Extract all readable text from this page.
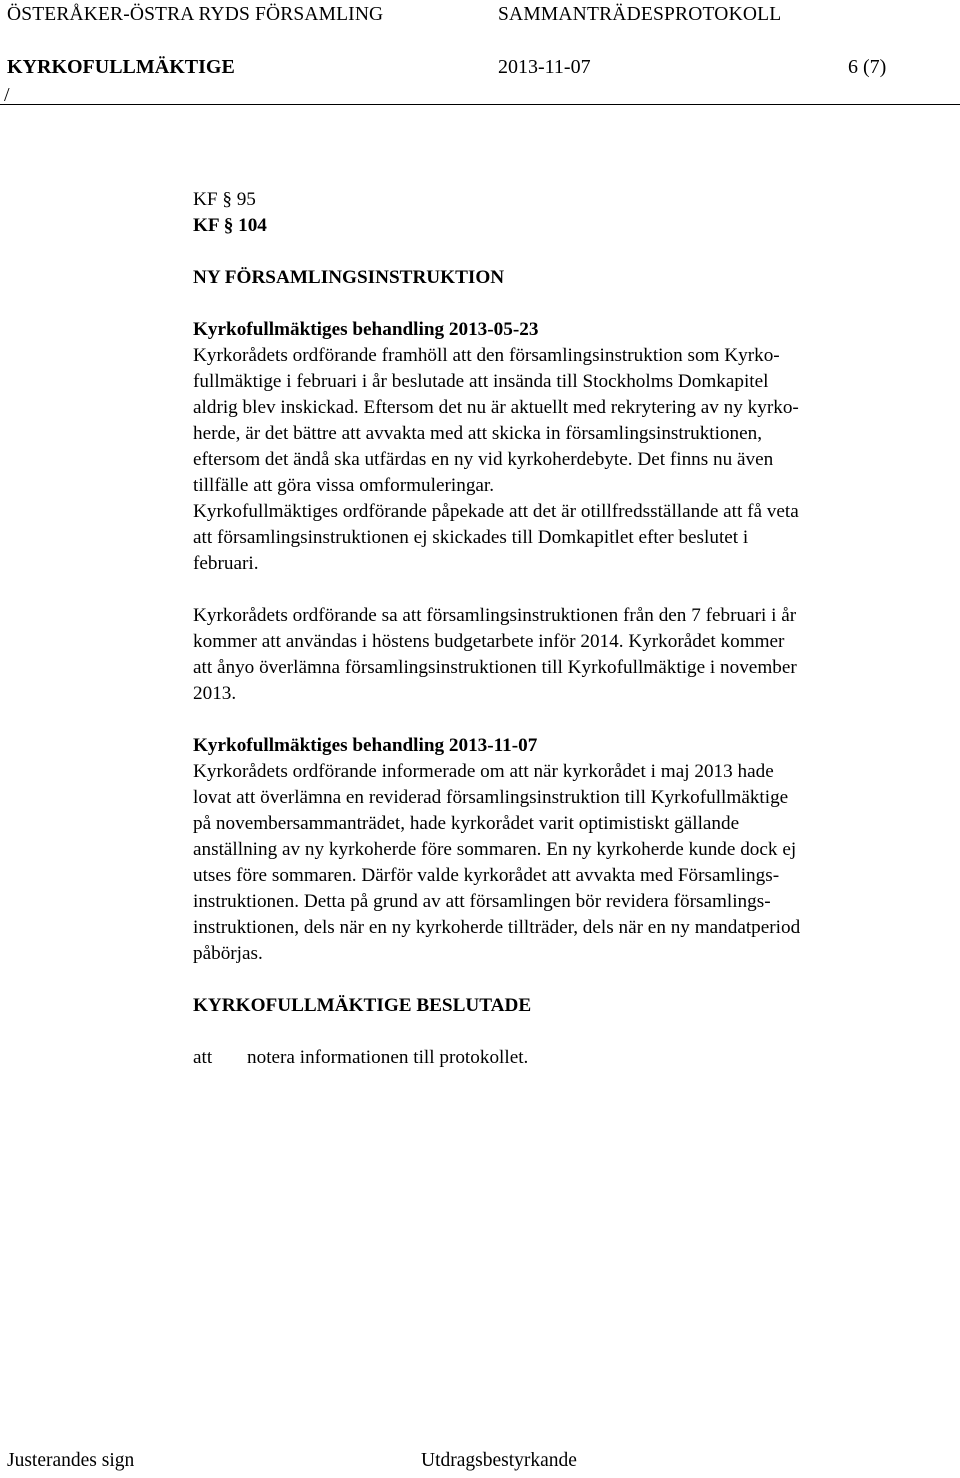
ÖSTERÅKER-ÖSTRA RYDS FÖRSAMLING	SAMMANTRÄDESPROTOKOLL
KYRKOFULLMÄKTIGE	2013-11-07	6 (7)
/

KF § 95

KF § 104

NY FÖRSAMLINGSINSTRUKTION

Kyrkofullmäktiges behandling 2013-05-23

Kyrkorådets ordförande framhöll att den församlingsinstruktion som Kyrko-

fullmäktige i februari i år beslutade att insända till Stockholms Domkapitel

aldrig blev inskickad. Eftersom det nu är aktuellt med rekrytering av ny kyrko-

herde, är det bättre att avvakta med att skicka in församlingsinstruktionen,

eftersom det ändå ska utfärdas en ny vid kyrkoherdebyte. Det finns nu även

tillfälle att göra vissa omformuleringar.

Kyrkofullmäktiges ordförande påpekade att det är otillfredsställande att få veta

att församlingsinstruktionen ej skickades till Domkapitlet efter beslutet i

februari.

Kyrkorådets ordförande sa att församlingsinstruktionen från den 7 februari i år

kommer att användas i höstens budgetarbete inför 2014. Kyrkorådet kommer

att ånyo överlämna församlingsinstruktionen till Kyrkofullmäktige i november

2013.

Kyrkofullmäktiges behandling 2013-11-07

Kyrkorådets ordförande informerade om att när kyrkorådet i maj 2013 hade

lovat att överlämna en reviderad församlingsinstruktion till Kyrkofullmäktige

på novembersammanträdet, hade kyrkorådet varit optimistiskt gällande

anställning av ny kyrkoherde före sommaren. En ny kyrkoherde kunde dock ej

utses före sommaren. Därför valde kyrkorådet att avvakta med Församlings-

instruktionen. Detta på grund av att församlingen bör revidera församlings-

instruktionen, dels när en ny kyrkoherde tillträder, dels när en ny mandatperiod

påbörjas.

KYRKOFULLMÄKTIGE BESLUTADE

att	notera informationen till protokollet.
Justerandes sign	Utdragsbestyrkande
